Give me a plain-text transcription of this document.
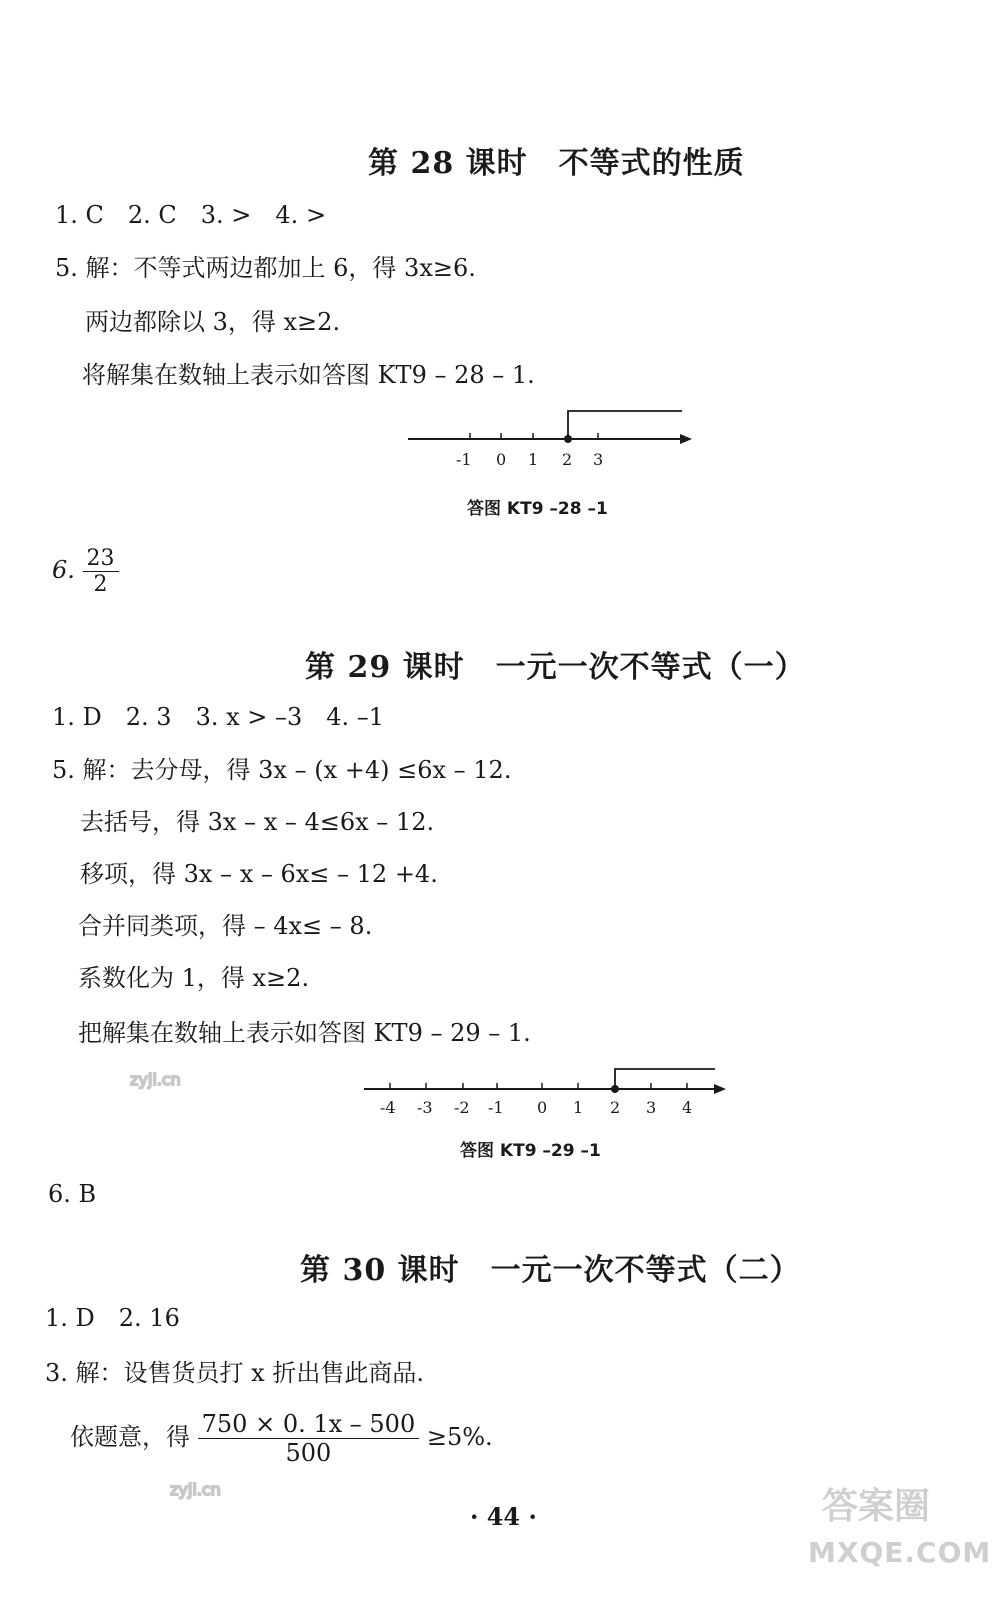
第 28 课时　不等式的性质
1. C　2. C　3. >　4. >
5. 解：不等式两边都加上 6，得 3x≥6.
两边都除以 3，得 x≥2.
将解集在数轴上表示如答图 KT9 – 28 – 1.
-1 0 1 2 3
答图 KT9 –28 –1
6. $\frac{23}{2}$
第 29 课时　一元一次不等式（一）
1. D　2. 3　3. x > –3　4. –1
5. 解：去分母，得 3x – (x +4) ≤6x – 12.
去括号，得 3x – x – 4≤6x – 12.
移项，得 3x – x – 6x≤ – 12 +4.
合并同类项，得 – 4x≤ – 8.
系数化为 1，得 x≥2.
把解集在数轴上表示如答图 KT9 – 29 – 1.
-4 -3 -2 -1 0 1 2 3 4
答图 KT9 –29 –1
6. B
第 30 课时　一元一次不等式（二）
1. D　2. 16
3. 解：设售货员打 x 折出售此商品.
依题意，得 $\frac{750 \times 0. 1x - 500}{500} \ge 5\%$.
· 44 ·
zyjl.cn
zyjl.cn	答案圈
MXQE.COM
